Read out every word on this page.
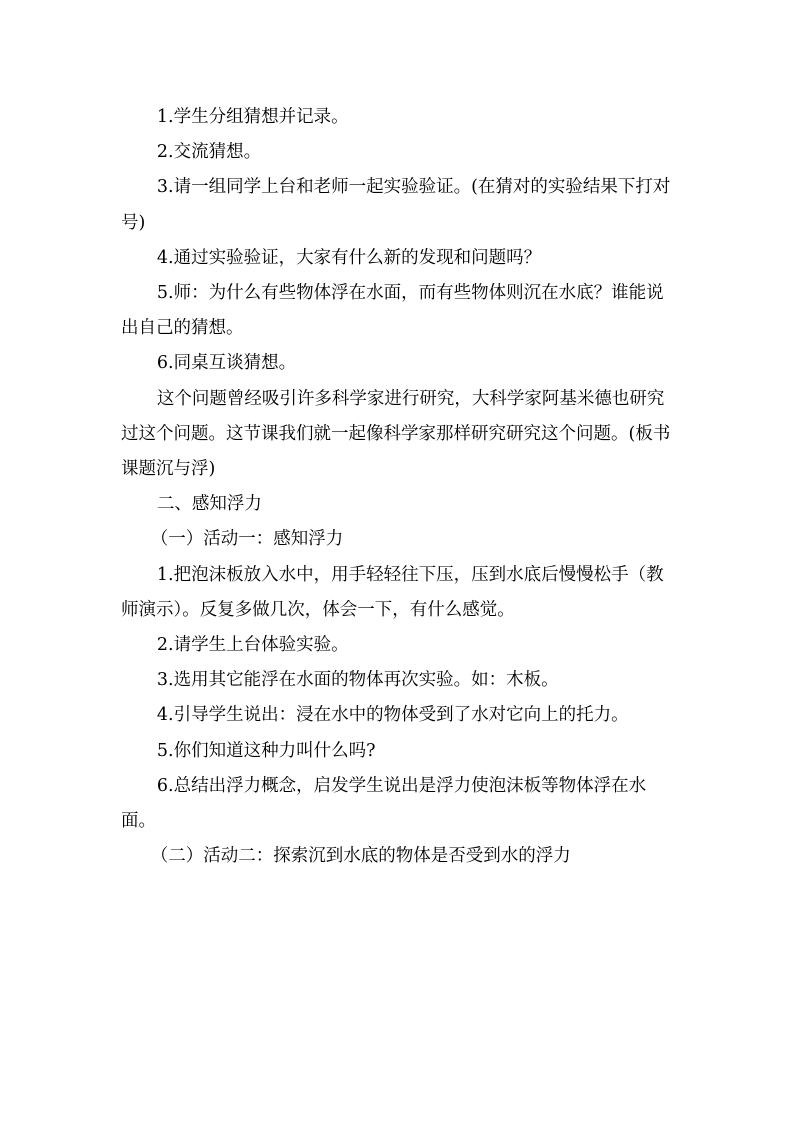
1.学生分组猜想并记录。

2.交流猜想。

3.请一组同学上台和老师一起实验验证。(在猜对的实验结果下打对号)

4.通过实验验证，大家有什么新的发现和问题吗？

5.师：为什么有些物体浮在水面，而有些物体则沉在水底？谁能说出自己的猜想。

6.同桌互谈猜想。

这个问题曾经吸引许多科学家进行研究，大科学家阿基米德也研究过这个问题。这节课我们就一起像科学家那样研究研究这个问题。(板书课题沉与浮)

二、感知浮力

（一）活动一：感知浮力

1.把泡沫板放入水中，用手轻轻往下压，压到水底后慢慢松手（教师演示）。反复多做几次，体会一下，有什么感觉。

2.请学生上台体验实验。

3.选用其它能浮在水面的物体再次实验。如：木板。

4.引导学生说出：浸在水中的物体受到了水对它向上的托力。

5.你们知道这种力叫什么吗?

6.总结出浮力概念，启发学生说出是浮力使泡沫板等物体浮在水面。

（二）活动二：探索沉到水底的物体是否受到水的浮力
